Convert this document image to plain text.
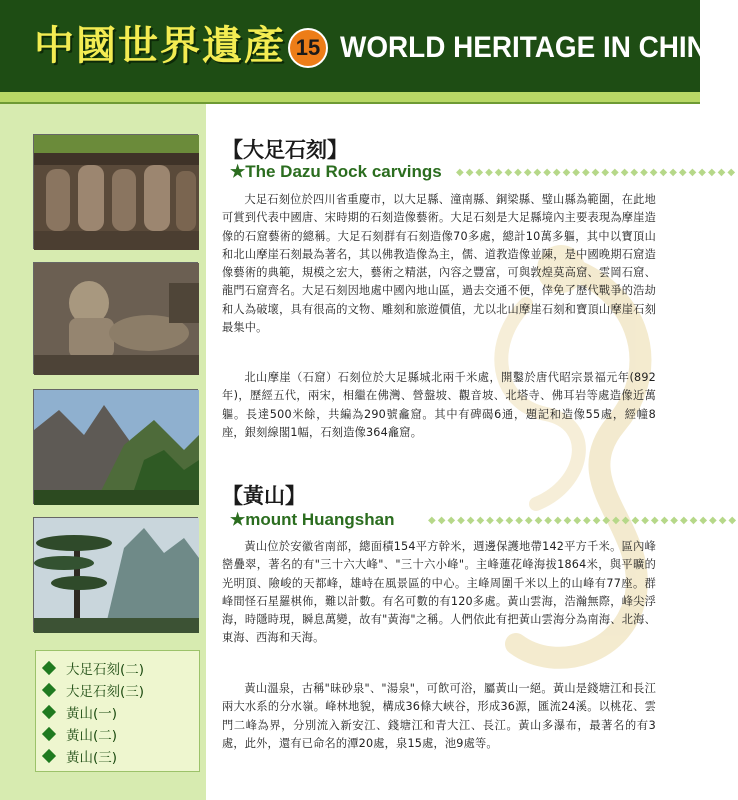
中國世界遺產 15 WORLD HERITAGE IN CHINA
大足石刻(二)
大足石刻(三)
黃山(一)
黃山(二)
黃山(三)
【大足石刻】
★The Dazu Rock carvings ◆◆◆◆◆◆◆◆◆◆◆◆◆◆◆◆◆◆◆◆◆◆◆◆◆◆◆◆◆
大足石刻位於四川省重慶市，以大足縣、潼南縣、銅梁縣、璧山縣為範圍，在此地可賞到代表中國唐、宋時期的石刻造像藝術。大足石刻是大足縣境內主要表現為摩崖造像的石窟藝術的總稱。大足石刻群有石刻造像70多處，總計10萬多軀，其中以寶頂山和北山摩崖石刻最為著名，其以佛教造像為主，儒、道教造像並陳，是中國晚期石窟造像藝術的典範，規模之宏大，藝術之精湛，內容之豐富，可與敦煌莫高窟、雲岡石窟、龍門石窟齊名。大足石刻因地處中國內地山區，過去交通不便，倖免了歷代戰爭的浩劫和人為破壞，具有很高的文物、雕刻和旅遊價值，尤以北山摩崖石刻和寶頂山摩崖石刻最集中。
北山摩崖（石窟）石刻位於大足縣城北兩千米處，開鑿於唐代昭宗景福元年(892年)，歷經五代，兩宋，相繼在佛灣、營盤坡、觀音坡、北塔寺、佛耳岩等處造像近萬軀。長達500米餘，共編為290號龕窟。其中有碑碣6通，題記和造像55處，經幢8座，銀刻線閣1幅，石刻造像364龕窟。
【黃山】
★mount Huangshan	◆◆◆◆◆◆◆◆◆◆◆◆◆◆◆◆◆◆◆◆◆◆◆◆◆◆◆◆◆◆◆◆
黃山位於安徽省南部，總面積154平方幹米，週邊保護地帶142平方千米。區內峰巒疊翠，著名的有"三十六大峰"、"三十六小峰"。主峰蓮花峰海拔1864米，與平曠的光明頂、險峻的天都峰，雄峙在風景區的中心。主峰周圍千米以上的山峰有77座。群峰間怪石星羅棋佈，難以計數。有名可數的有120多處。黃山雲海，浩瀚無際，峰尖浮海，時隱時現，瞬息萬變，故有"黃海"之稱。人們依此有把黃山雲海分為南海、北海、東海、西海和天海。
黃山溫泉，古稱"昧砂泉"、"湯泉"，可飲可浴，屬黃山一絕。黃山是錢塘江和長江兩大水系的分水嶺。峰林地貌，構成36條大峽谷，形成36源，匯流24溪。以桃花、雲門二峰為界，分別流入新安江、錢塘江和青大江、長江。黃山多瀑布，最著名的有3處，此外，還有已命名的潭20處，泉15處，池9處等。
